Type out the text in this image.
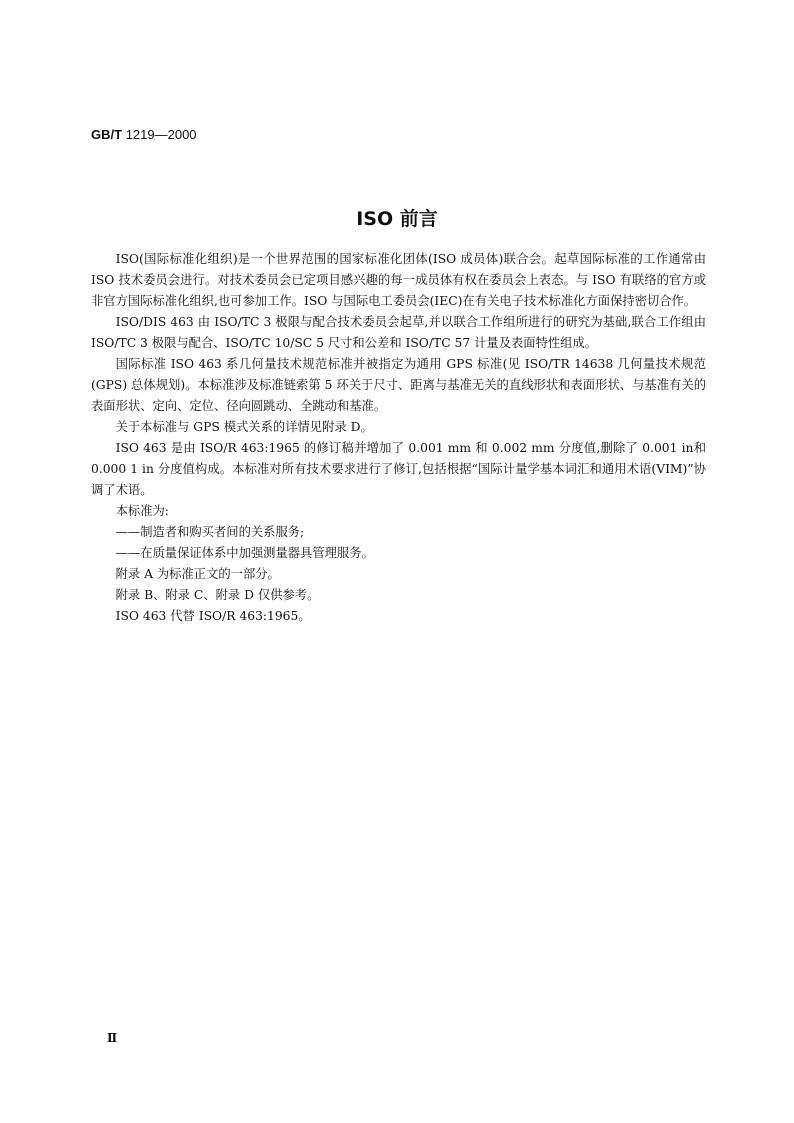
GB/T 1219—2000
ISO 前言

ISO(国际标准化组织)是一个世界范围的国家标准化团体(ISO 成员体)联合会。起草国际标准的工作通常由 ISO 技术委员会进行。对技术委员会已定项目感兴趣的每一成员体有权在委员会上表态。与 ISO 有联络的官方或非官方国际标准化组织,也可参加工作。ISO 与国际电工委员会(IEC)在有关电子技术标准化方面保持密切合作。

ISO/DIS 463 由 ISO/TC 3 极限与配合技术委员会起草,并以联合工作组所进行的研究为基础,联合工作组由 ISO/TC 3 极限与配合、ISO/TC 10/SC 5 尺寸和公差和 ISO/TC 57 计量及表面特性组成。

国际标准 ISO 463 系几何量技术规范标准并被指定为通用 GPS 标准(见 ISO/TR 14638 几何量技术规范(GPS) 总体规划)。本标准涉及标准链索第 5 环关于尺寸、距离与基准无关的直线形状和表面形状、与基准有关的表面形状、定向、定位、径向圆跳动、全跳动和基准。

关于本标准与 GPS 模式关系的详情见附录 D。

ISO 463 是由 ISO/R 463:1965 的修订稿并增加了 0.001 mm 和 0.002 mm 分度值,删除了 0.001 in和 0.000 1 in 分度值构成。本标准对所有技术要求进行了修订,包括根据“国际计量学基本词汇和通用术语(VIM)”协调了术语。

本标准为:

——制造者和购买者间的关系服务;

——在质量保证体系中加强测量器具管理服务。

附录 A 为标准正文的一部分。

附录 B、附录 C、附录 D 仅供参考。

ISO 463 代替 ISO/R 463:1965。

Ⅱ
